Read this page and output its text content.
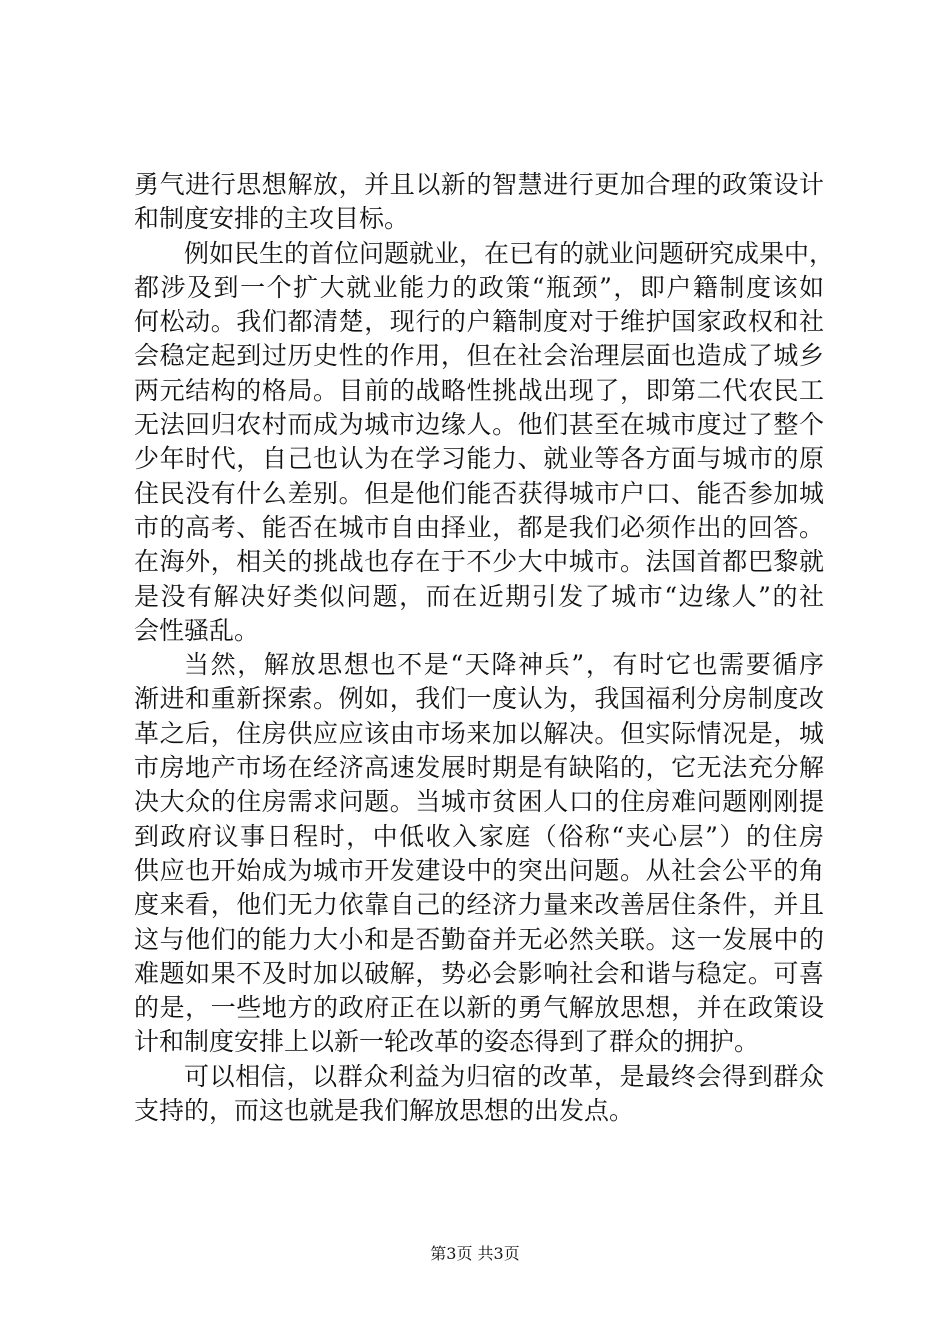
勇气进行思想解放，并且以新的智慧进行更加合理的政策设计
和制度安排的主攻目标。
例如民生的首位问题就业，在已有的就业问题研究成果中，
都涉及到一个扩大就业能力的政策“瓶颈”，即户籍制度该如
何松动。我们都清楚，现行的户籍制度对于维护国家政权和社
会稳定起到过历史性的作用，但在社会治理层面也造成了城乡
两元结构的格局。目前的战略性挑战出现了，即第二代农民工
无法回归农村而成为城市边缘人。他们甚至在城市度过了整个
少年时代，自己也认为在学习能力、就业等各方面与城市的原
住民没有什么差别。但是他们能否获得城市户口、能否参加城
市的高考、能否在城市自由择业，都是我们必须作出的回答。
在海外，相关的挑战也存在于不少大中城市。法国首都巴黎就
是没有解决好类似问题，而在近期引发了城市“边缘人”的社
会性骚乱。
当然，解放思想也不是“天降神兵”，有时它也需要循序
渐进和重新探索。例如，我们一度认为，我国福利分房制度改
革之后，住房供应应该由市场来加以解决。但实际情况是，城
市房地产市场在经济高速发展时期是有缺陷的，它无法充分解
决大众的住房需求问题。当城市贫困人口的住房难问题刚刚提
到政府议事日程时，中低收入家庭（俗称“夹心层”）的住房
供应也开始成为城市开发建设中的突出问题。从社会公平的角
度来看，他们无力依靠自己的经济力量来改善居住条件，并且
这与他们的能力大小和是否勤奋并无必然关联。这一发展中的
难题如果不及时加以破解，势必会影响社会和谐与稳定。可喜
的是，一些地方的政府正在以新的勇气解放思想，并在政策设
计和制度安排上以新一轮改革的姿态得到了群众的拥护。
可以相信，以群众利益为归宿的改革，是最终会得到群众
支持的，而这也就是我们解放思想的出发点。
第3页 共3页
